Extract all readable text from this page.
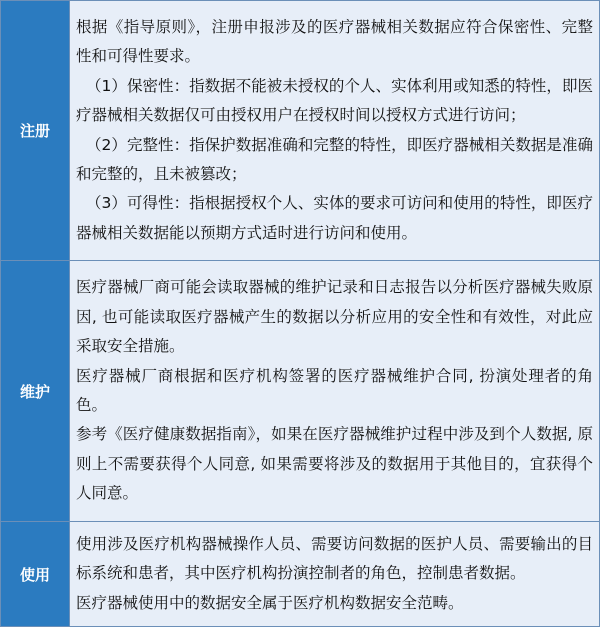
注册	根据《指导原则》，注册申报涉及的医疗器械相关数据应符合保密性、完整性和可得性要求。

（1）保密性：指数据不能被未授权的个人、实体利用或知悉的特性，即医疗器械相关数据仅可由授权用户在授权时间以授权方式进行访问；

（2）完整性：指保护数据准确和完整的特性，即医疗器械相关数据是准确和完整的，且未被篡改；

（3）可得性：指根据授权个人、实体的要求可访问和使用的特性，即医疗器械相关数据能以预期方式适时进行访问和使用。

维护	医疗器械厂商可能会读取器械的维护记录和日志报告以分析医疗器械失败原因, 也可能读取医疗器械产生的数据以分析应用的安全性和有效性，对此应采取安全措施。

医疗器械厂商根据和医疗机构签署的医疗器械维护合同, 扮演处理者的角色。

参考《医疗健康数据指南》，如果在医疗器械维护过程中涉及到个人数据, 原则上不需要获得个人同意, 如果需要将涉及的数据用于其他目的，宜获得个人同意。

使用	使用涉及医疗机构器械操作人员、需要访问数据的医护人员、需要输出的目标系统和患者，其中医疗机构扮演控制者的角色，控制患者数据。

医疗器械使用中的数据安全属于医疗机构数据安全范畴。
